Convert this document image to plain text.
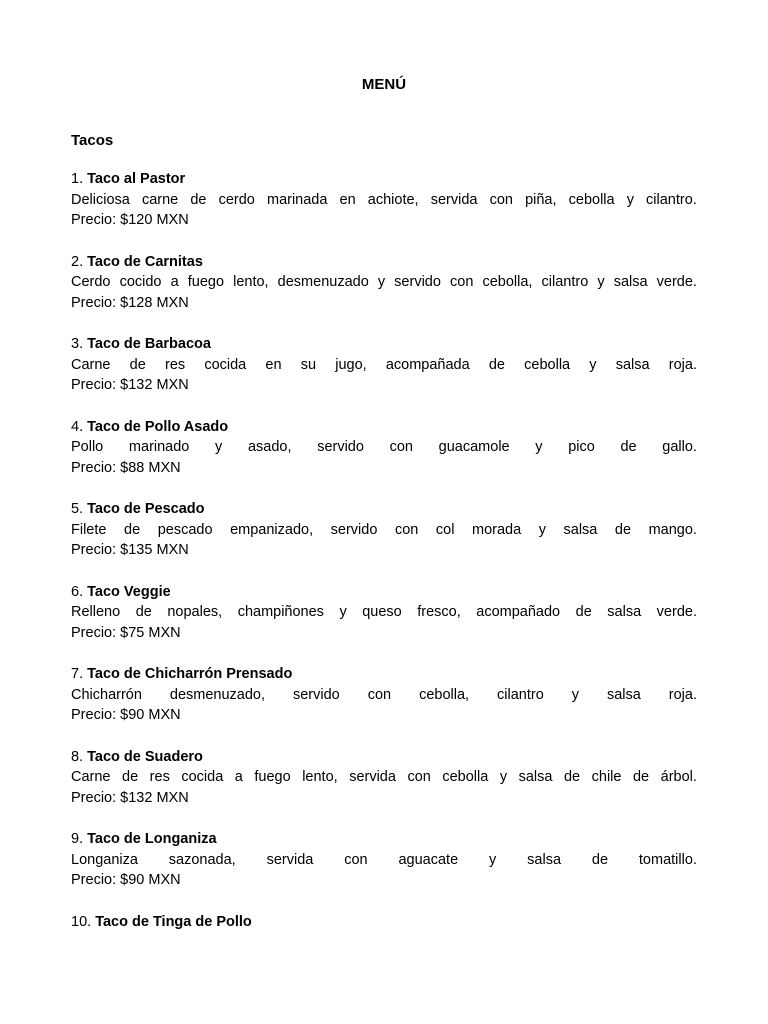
MENÚ
Tacos
1. Taco al Pastor
Deliciosa carne de cerdo marinada en achiote, servida con piña, cebolla y cilantro.
Precio: $120 MXN
2. Taco de Carnitas
Cerdo cocido a fuego lento, desmenuzado y servido con cebolla, cilantro y salsa verde.
Precio: $128 MXN
3. Taco de Barbacoa
Carne de res cocida en su jugo, acompañada de cebolla y salsa roja.
Precio: $132 MXN
4. Taco de Pollo Asado
Pollo marinado y asado, servido con guacamole y pico de gallo.
Precio: $88 MXN
5. Taco de Pescado
Filete de pescado empanizado, servido con col morada y salsa de mango.
Precio: $135 MXN
6. Taco Veggie
Relleno de nopales, champiñones y queso fresco, acompañado de salsa verde.
Precio: $75 MXN
7. Taco de Chicharrón Prensado
Chicharrón desmenuzado, servido con cebolla, cilantro y salsa roja.
Precio: $90 MXN
8. Taco de Suadero
Carne de res cocida a fuego lento, servida con cebolla y salsa de chile de árbol.
Precio: $132 MXN
9. Taco de Longaniza
Longaniza sazonada, servida con aguacate y salsa de tomatillo.
Precio: $90 MXN
10. Taco de Tinga de Pollo
